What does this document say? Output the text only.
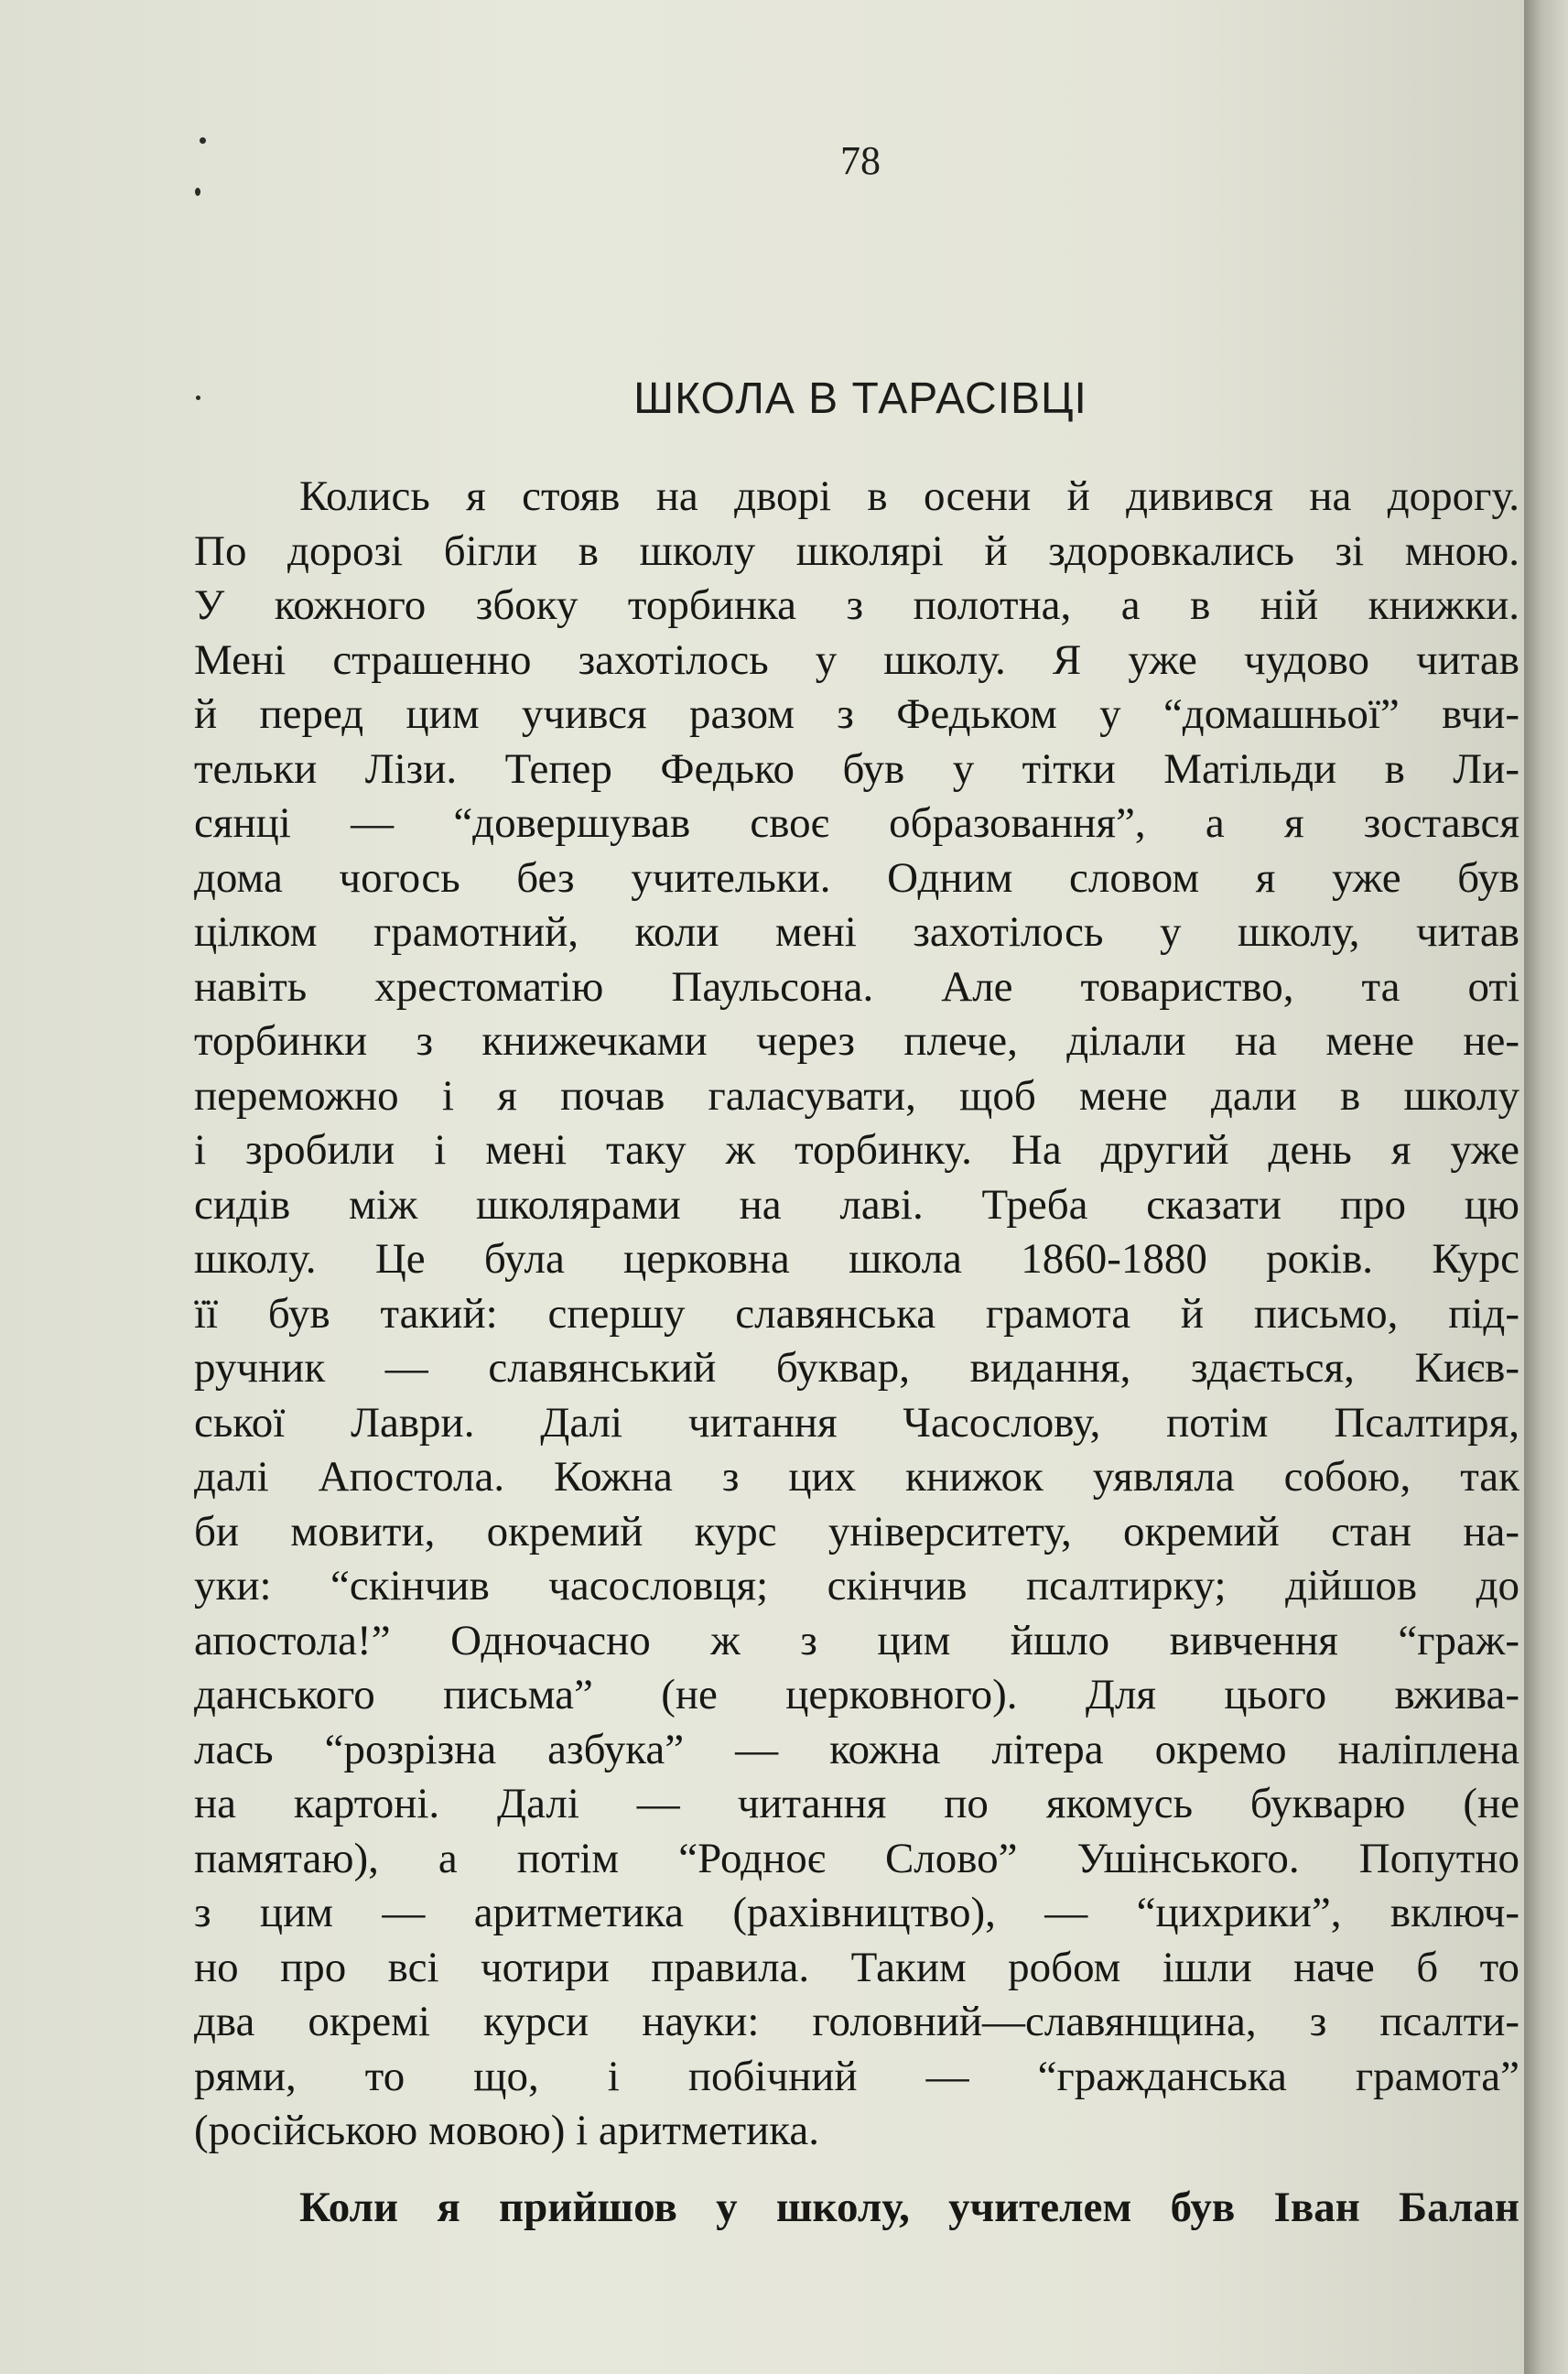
78
ШКОЛА В ТАРАСІВЦІ
Колись я стояв на дворі в осени й дивився на дорогу.
По дорозі бігли в школу школярі й здоровкались зі мною.
У кожного збоку торбинка з полотна, а в ній книжки.
Мені страшенно захотілось у школу. Я уже чудово читав
й перед цим учився разом з Федьком у “домашньої” вчи-
тельки Лізи. Тепер Федько був у тітки Матільди в Ли-
сянці — “довершував своє образовання”, а я зостався
дома чогось без учительки. Одним словом я уже був
цілком грамотний, коли мені захотілось у школу, читав
навіть хрестоматію Паульсона. Але товариство, та оті
торбинки з книжечками через плече, ділали на мене не-
переможно і я почав галасувати, щоб мене дали в школу
і зробили і мені таку ж торбинку. На другий день я уже
сидів між школярами на лаві. Треба сказати про цю
школу. Це була церковна школа 1860-1880 років. Курс
її був такий: спершу славянська грамота й письмо, під-
ручник — славянський буквар, видання, здається, Києв-
ської Лаври. Далі читання Часослову, потім Псалтиря,
далі Апостола. Кожна з цих книжок уявляла собою, так
би мовити, окремий курс університету, окремий стан на-
уки: “скінчив часословця; скінчив псалтирку; дійшов до
апостола!” Одночасно ж з цим йшло вивчення “граж-
данського письма” (не церковного). Для цього вжива-
лась “розрізна азбука” — кожна літера окремо наліплена
на картоні. Далі — читання по якомусь букварю (не
памятаю), а потім “Родноє Слово” Ушінського. Попутно
з цим — аритметика (рахівництво), — “цихрики”, включ-
но про всі чотири правила. Таким робом ішли наче б то
два окремі курси науки: головний—славянщина, з псалти-
рями, то що, і побічний — “гражданська грамота”
(російською мовою) і аритметика.
Коли я прийшов у школу, учителем був Іван Балан
